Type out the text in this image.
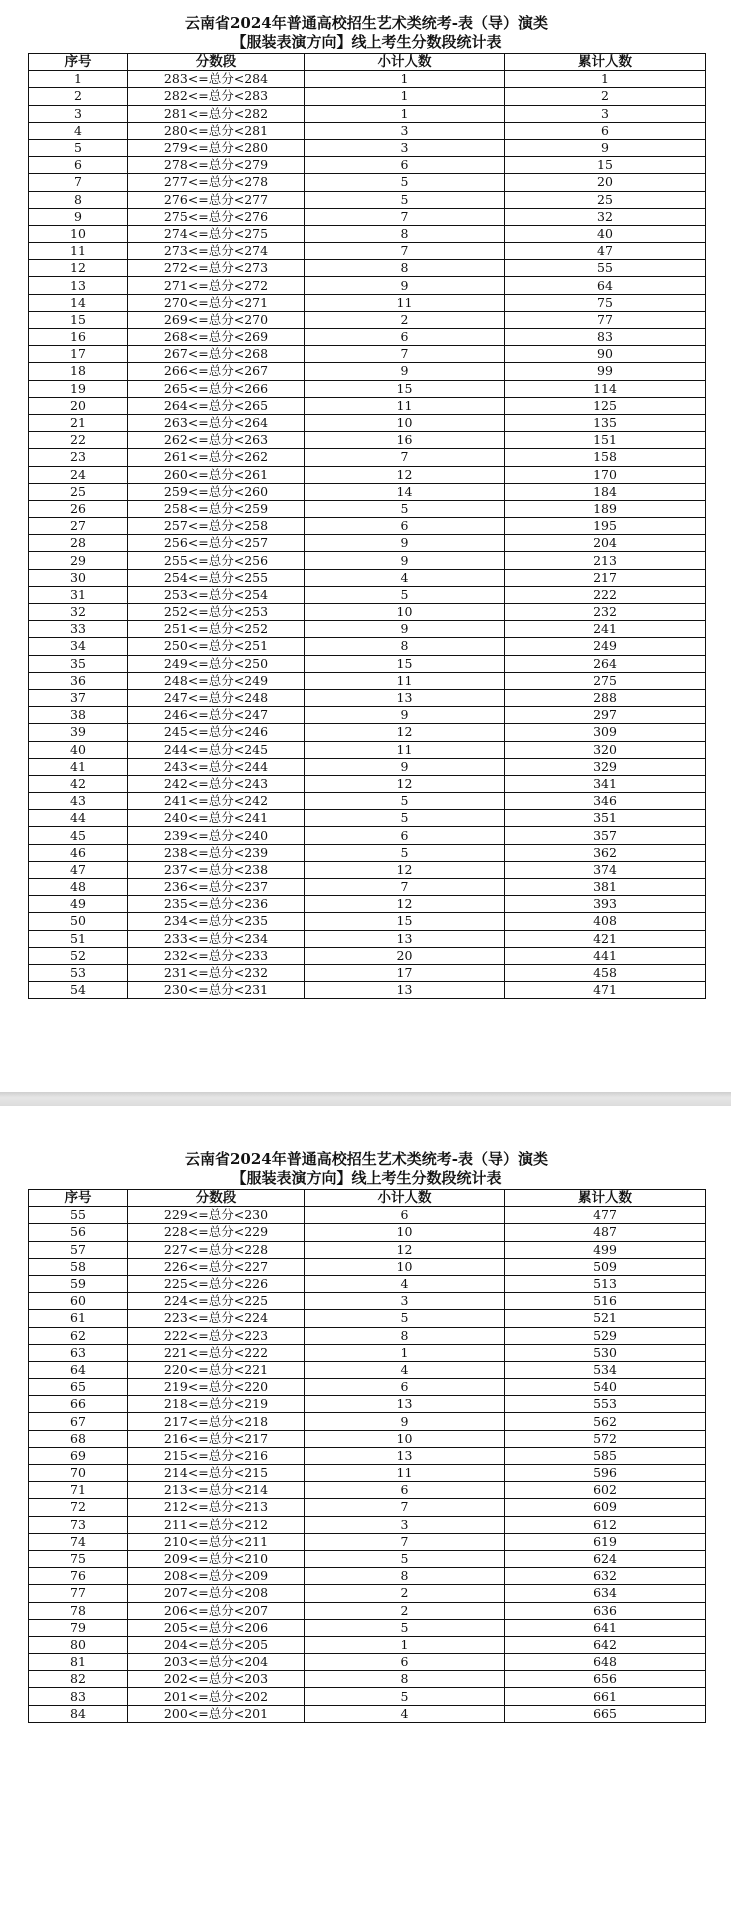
云南省2024年普通高校招生艺术类统考-表（导）演类
【服装表演方向】线上考生分数段统计表
序号	分数段	小计人数	累计人数
1	283<=总分<284	1	1
2	282<=总分<283	1	2
3	281<=总分<282	1	3
4	280<=总分<281	3	6
5	279<=总分<280	3	9
6	278<=总分<279	6	15
7	277<=总分<278	5	20
8	276<=总分<277	5	25
9	275<=总分<276	7	32
10	274<=总分<275	8	40
11	273<=总分<274	7	47
12	272<=总分<273	8	55
13	271<=总分<272	9	64
14	270<=总分<271	11	75
15	269<=总分<270	2	77
16	268<=总分<269	6	83
17	267<=总分<268	7	90
18	266<=总分<267	9	99
19	265<=总分<266	15	114
20	264<=总分<265	11	125
21	263<=总分<264	10	135
22	262<=总分<263	16	151
23	261<=总分<262	7	158
24	260<=总分<261	12	170
25	259<=总分<260	14	184
26	258<=总分<259	5	189
27	257<=总分<258	6	195
28	256<=总分<257	9	204
29	255<=总分<256	9	213
30	254<=总分<255	4	217
31	253<=总分<254	5	222
32	252<=总分<253	10	232
33	251<=总分<252	9	241
34	250<=总分<251	8	249
35	249<=总分<250	15	264
36	248<=总分<249	11	275
37	247<=总分<248	13	288
38	246<=总分<247	9	297
39	245<=总分<246	12	309
40	244<=总分<245	11	320
41	243<=总分<244	9	329
42	242<=总分<243	12	341
43	241<=总分<242	5	346
44	240<=总分<241	5	351
45	239<=总分<240	6	357
46	238<=总分<239	5	362
47	237<=总分<238	12	374
48	236<=总分<237	7	381
49	235<=总分<236	12	393
50	234<=总分<235	15	408
51	233<=总分<234	13	421
52	232<=总分<233	20	441
53	231<=总分<232	17	458
54	230<=总分<231	13	471
云南省2024年普通高校招生艺术类统考-表（导）演类
【服装表演方向】线上考生分数段统计表
序号	分数段	小计人数	累计人数
55	229<=总分<230	6	477
56	228<=总分<229	10	487
57	227<=总分<228	12	499
58	226<=总分<227	10	509
59	225<=总分<226	4	513
60	224<=总分<225	3	516
61	223<=总分<224	5	521
62	222<=总分<223	8	529
63	221<=总分<222	1	530
64	220<=总分<221	4	534
65	219<=总分<220	6	540
66	218<=总分<219	13	553
67	217<=总分<218	9	562
68	216<=总分<217	10	572
69	215<=总分<216	13	585
70	214<=总分<215	11	596
71	213<=总分<214	6	602
72	212<=总分<213	7	609
73	211<=总分<212	3	612
74	210<=总分<211	7	619
75	209<=总分<210	5	624
76	208<=总分<209	8	632
77	207<=总分<208	2	634
78	206<=总分<207	2	636
79	205<=总分<206	5	641
80	204<=总分<205	1	642
81	203<=总分<204	6	648
82	202<=总分<203	8	656
83	201<=总分<202	5	661
84	200<=总分<201	4	665
